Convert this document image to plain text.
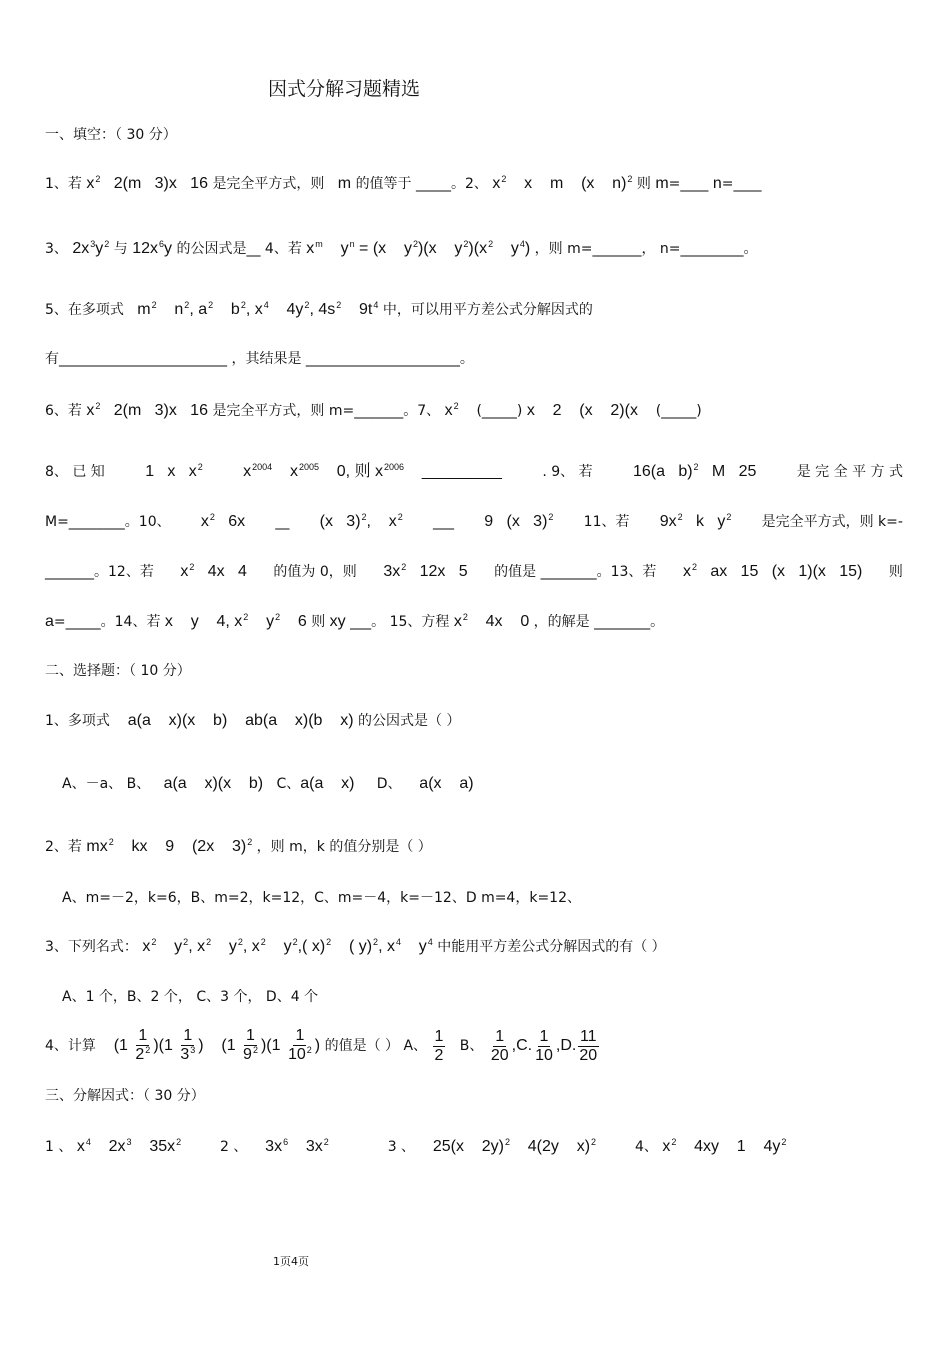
因式分解习题精选
一、填空：（ 30 分）
1、若 $x^2$   2(m   3)x   16 是完全平方式，则   m 的值等于 _____。2、 $x^2$    x    m    (x    n)$^2$ 则 m=____ n=____
3、 $2x^3y^2$ 与 $12x^6y$ 的公因式是__ 4、若 $x^m$    $y^n = (x$    $y^2)(x$    $y^2)(x^2$    $y^4$) ，则 m=_______， n=_________。
5、在多项式   $m^2$    $n^2$, $a^2$    $b^2$, $x^4$    $4y^2$, $4s^2$    $9t^4$ 中，可以用平方差公式分解因式的
有________________________ ，其结果是 ______________________。
6、若 $x^2$   2(m   3)x   16 是完全平方式，则 m=_______。7、 $x^2$ (_____) x    2    (x    2)(x    (_____)
8、 已 知	1   x   $x^2$	$x^{2004}$    $x^{2005}$    0, 则 $x^{2006}$    _________	. 9、 若	16(a   b)$^2$   M   25	是 完 全 平 方 式
M=________。10、 $x^2$   6x __ (x   3)$^2$,    $x^2$ ___ 9   (x   3)$^2$ 11、若 $9x^2$   k   $y^2$ 是完全平方式，则 k=-
_______。12、若 $x^2$   4x   4 的值为 0，则 $3x^2$   12x   5 的值是 ________。13、若 $x^2$   ax   15   (x   1)(x   15) 则
a=_____。14、若 x    y    4, $x^2$    $y^2$    6 则 xy ___。 15、方程 $x^2$    4x    0 ，的解是 ________。
二、选择题：（ 10 分）
1、多项式    a(a    x)(x    b)    ab(a    x)(b    x) 的公因式是（ ）
A、－a、 B、   a(a    x)(x    b)   C、a(a    x)     D、    a(x    a)
2、若 $mx^2$    kx    9    (2x    3)$^2$ ，则 m，k 的值分别是（ ）
A、m=－2，k=6，B、m=2，k=12，C、m=－4，k=－12、D m=4，k=12、
3、下列名式： $x^2$    $y^2$, $x^2$    $y^2$, $x^2$    $y^2$,( x)$^2$    ( y)$^2$, $x^4$    $y^4$ 中能用平方差公式分解因式的有（ ）
A、1 个，B、2 个， C、3 个， D、4 个
4、计算    $(1 \frac{1}{2^2} )(1 \frac{1}{3^3}$ )    $(1 \frac{1}{9^2} )(1 \frac{1}{10^2}$ ) 的值是（ ） A、 $\frac{1}{2}$ B、 $\frac{1}{20} ,C$. $\frac{1}{10} ,D$. $\frac{11}{20}$
三、分解因式：（ 30 分）
1 、 $x^4$    $2x^3$    $35x^2$	2 、    $3x^6$    $3x^2$	3 、    25(x    2y)$^2$    4(2y    x)$^2$	4、 $x^2$    4xy    1    $4y^2$
1页4页
